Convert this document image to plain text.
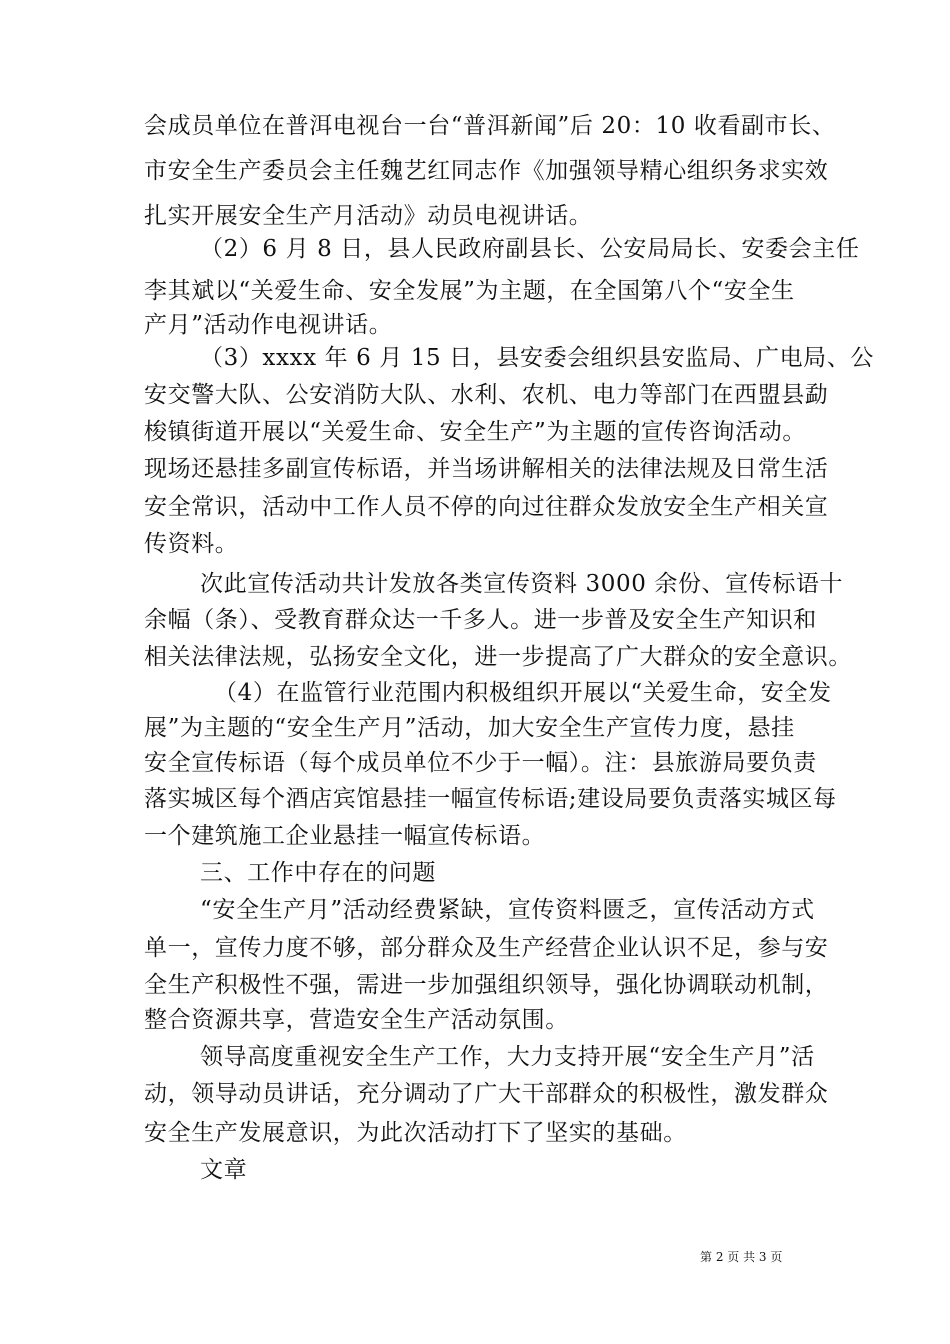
会成员单位在普洱电视台一台“普洱新闻”后 20：10 收看副市长、
市安全生产委员会主任魏艺红同志作《加强领导精心组织务求实效
扎实开展安全生产月活动》动员电视讲话。
（2）6 月 8 日，县人民政府副县长、公安局局长、安委会主任
李其斌以“关爱生命、安全发展”为主题，在全国第八个“安全生
产月”活动作电视讲话。
（3）xxxx 年 6 月 15 日，县安委会组织县安监局、广电局、公
安交警大队、公安消防大队、水利、农机、电力等部门在西盟县勐
梭镇街道开展以“关爱生命、安全生产”为主题的宣传咨询活动。
现场还悬挂多副宣传标语，并当场讲解相关的法律法规及日常生活
安全常识，活动中工作人员不停的向过往群众发放安全生产相关宣
传资料。
次此宣传活动共计发放各类宣传资料 3000 余份、宣传标语十
余幅（条）、受教育群众达一千多人。进一步普及安全生产知识和
相关法律法规，弘扬安全文化，进一步提高了广大群众的安全意识。
（4）在监管行业范围内积极组织开展以“关爱生命，安全发
展”为主题的“安全生产月”活动，加大安全生产宣传力度，悬挂
安全宣传标语（每个成员单位不少于一幅）。注：县旅游局要负责
落实城区每个酒店宾馆悬挂一幅宣传标语;建设局要负责落实城区每
一个建筑施工企业悬挂一幅宣传标语。
三、工作中存在的问题
“安全生产月”活动经费紧缺，宣传资料匮乏，宣传活动方式
单一，宣传力度不够，部分群众及生产经营企业认识不足，参与安
全生产积极性不强，需进一步加强组织领导，强化协调联动机制，
整合资源共享，营造安全生产活动氛围。
领导高度重视安全生产工作，大力支持开展“安全生产月”活
动，领导动员讲话，充分调动了广大干部群众的积极性，激发群众
安全生产发展意识，为此次活动打下了坚实的基础。
文章
第 2 页 共 3 页
